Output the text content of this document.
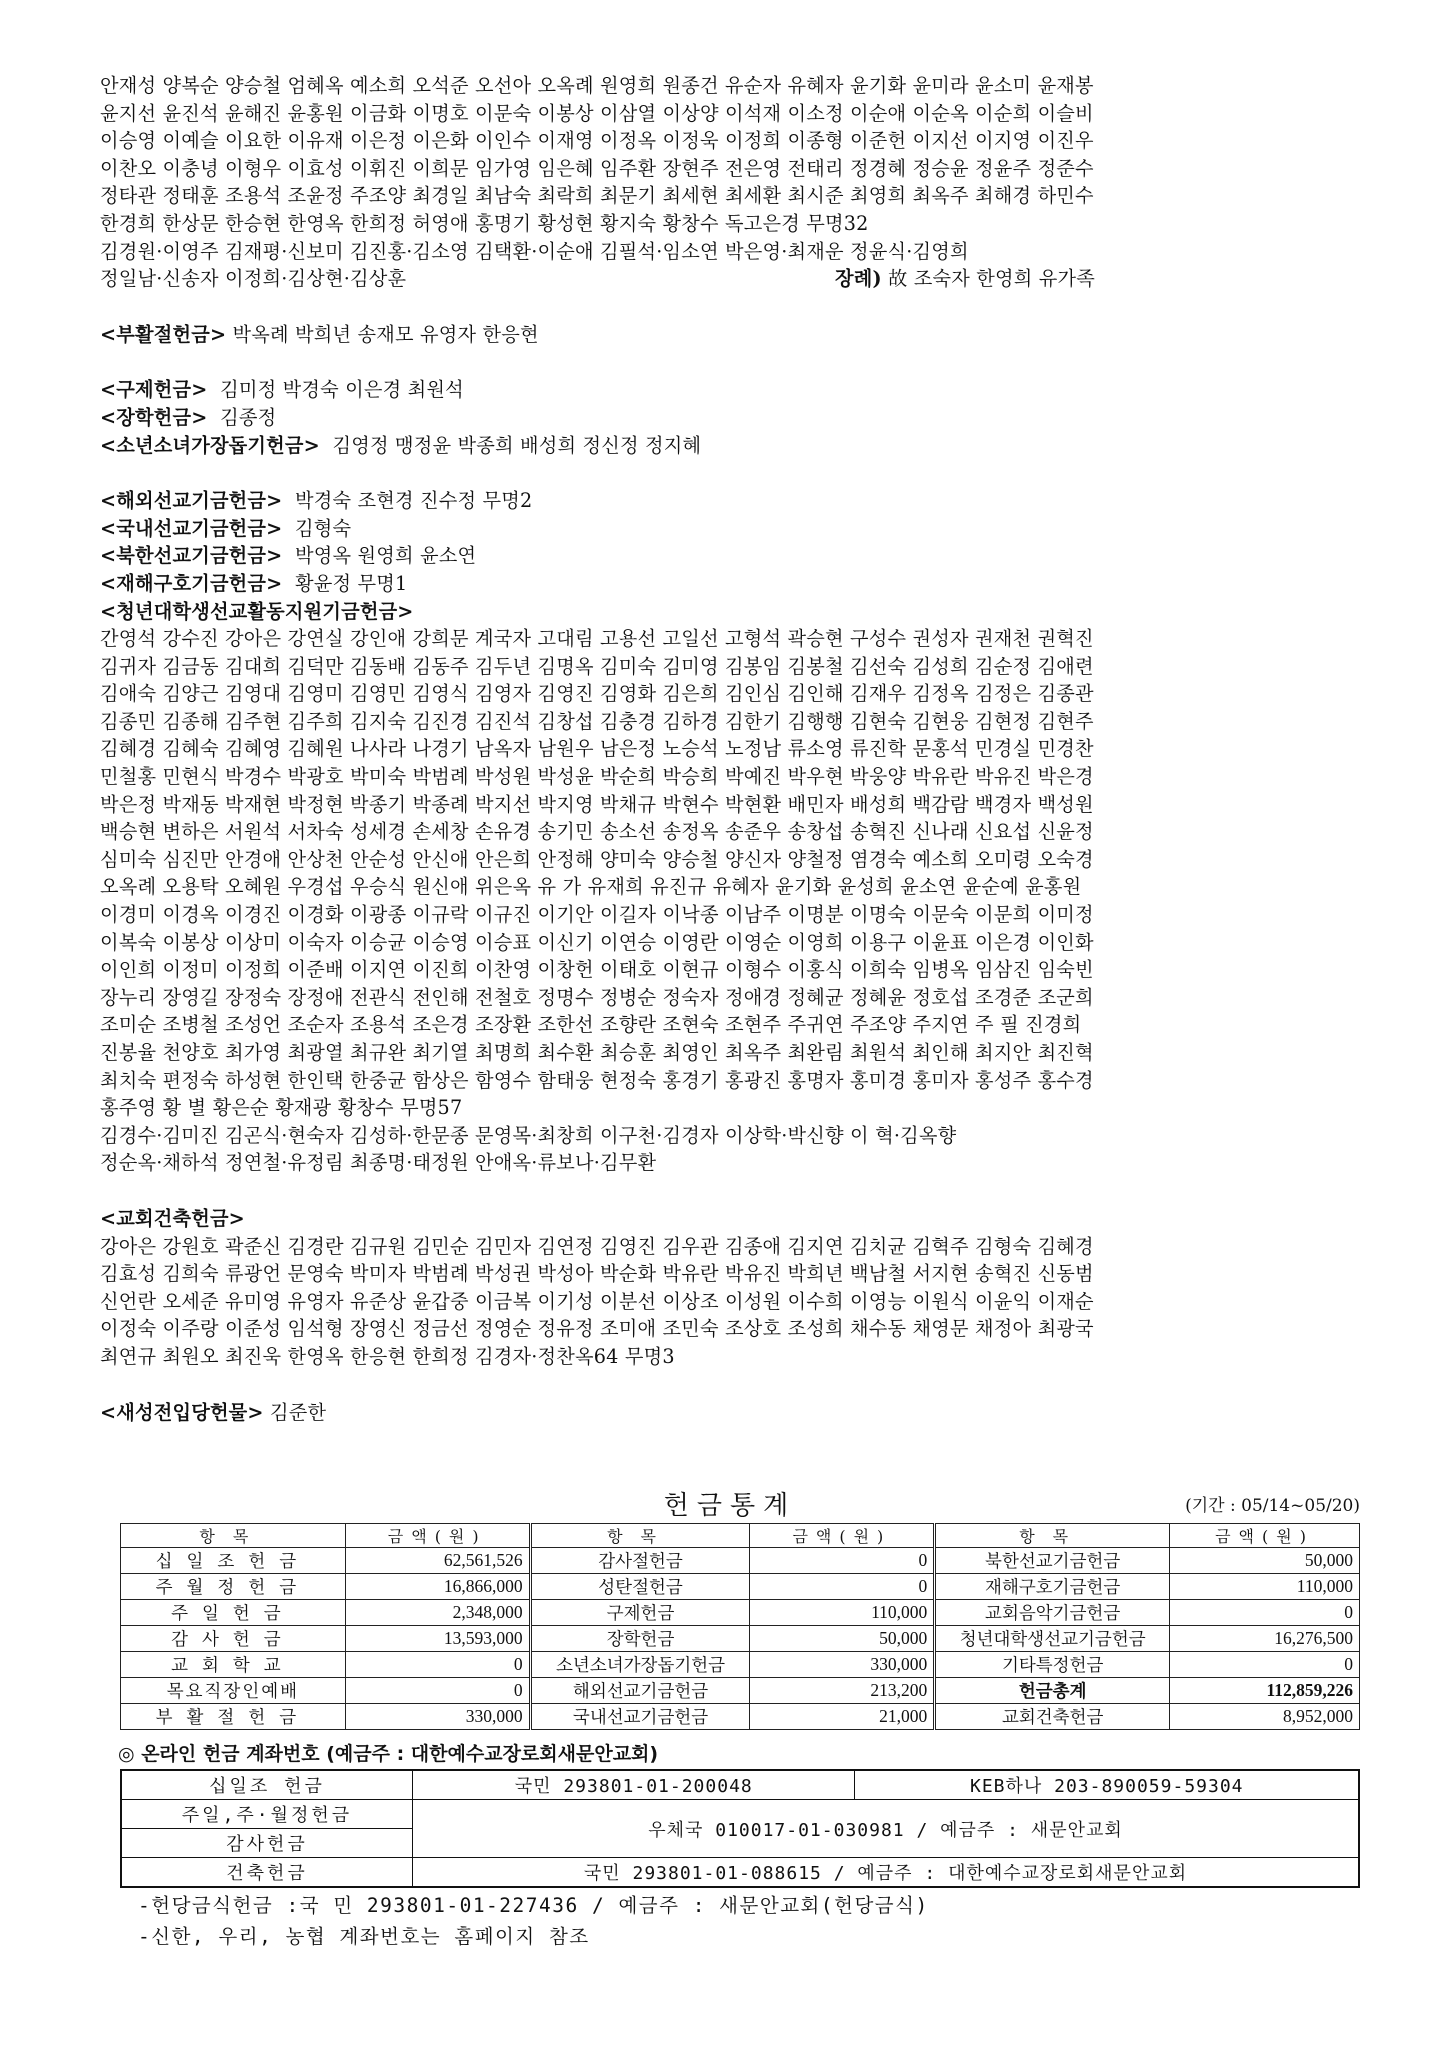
안재성 양복순 양승철 엄혜옥 예소희 오석준 오선아 오옥례 원영희 원종건 유순자 유혜자 윤기화 윤미라 윤소미 윤재봉
윤지선 윤진석 윤해진 윤홍원 이금화 이명호 이문숙 이봉상 이삼열 이상양 이석재 이소정 이순애 이순옥 이순희 이슬비
이승영 이예슬 이요한 이유재 이은정 이은화 이인수 이재영 이정옥 이정욱 이정희 이종형 이준헌 이지선 이지영 이진우
이찬오 이충녕 이형우 이효성 이휘진 이희문 임가영 임은혜 임주환 장현주 전은영 전태리 정경혜 정승윤 정윤주 정준수
정타관 정태훈 조용석 조윤정 주조양 최경일 최남숙 최락희 최문기 최세현 최세환 최시준 최영희 최옥주 최해경 하민수
한경희 한상문 한승현 한영옥 한희정 허영애 홍명기 황성현 황지숙 황창수 독고은경 무명32
김경원·이영주 김재평·신보미 김진홍·김소영 김택환·이순애 김필석·임소연 박은영·최재운 정윤식·김영희
정일남·신송자 이정희·김상현·김상훈	장례) 故 조숙자 한영희 유가족
<부활절헌금> 박옥례 박희년 송재모 유영자 한응현
<구제헌금>  김미정 박경숙 이은경 최원석
<장학헌금>  김종정
<소년소녀가장돕기헌금>  김영정 맹정윤 박종희 배성희 정신정 정지혜
<해외선교기금헌금>  박경숙 조현경 진수정 무명2
<국내선교기금헌금>  김형숙
<북한선교기금헌금>  박영옥 원영희 윤소연
<재해구호기금헌금>  황윤정 무명1
<청년대학생선교활동지원기금헌금>
간영석 강수진 강아은 강연실 강인애 강희문 계국자 고대림 고용선 고일선 고형석 곽승현 구성수 권성자 권재천 권혁진
김귀자 김금동 김대희 김덕만 김동배 김동주 김두년 김명옥 김미숙 김미영 김봉임 김봉철 김선숙 김성희 김순정 김애련
김애숙 김양근 김영대 김영미 김영민 김영식 김영자 김영진 김영화 김은희 김인심 김인해 김재우 김정옥 김정은 김종관
김종민 김종해 김주현 김주희 김지숙 김진경 김진석 김창섭 김충경 김하경 김한기 김행행 김현숙 김현웅 김현정 김현주
김혜경 김혜숙 김혜영 김혜원 나사라 나경기 남옥자 남원우 남은정 노승석 노정남 류소영 류진학 문홍석 민경실 민경찬
민철홍 민현식 박경수 박광호 박미숙 박범례 박성원 박성윤 박순희 박승희 박예진 박우현 박웅양 박유란 박유진 박은경
박은정 박재동 박재현 박정현 박종기 박종례 박지선 박지영 박채규 박현수 박현환 배민자 배성희 백감람 백경자 백성원
백승현 변하은 서원석 서차숙 성세경 손세창 손유경 송기민 송소선 송정옥 송준우 송창섭 송혁진 신나래 신요섭 신윤정
심미숙 심진만 안경애 안상천 안순성 안신애 안은희 안정해 양미숙 양승철 양신자 양철정 염경숙 예소희 오미령 오숙경
오옥례 오용탁 오혜원 우경섭 우승식 원신애 위은옥 유 가 유재희 유진규 유혜자 윤기화 윤성희 윤소연 윤순예 윤홍원
이경미 이경옥 이경진 이경화 이광종 이규락 이규진 이기안 이길자 이낙종 이남주 이명분 이명숙 이문숙 이문희 이미정
이복숙 이봉상 이상미 이숙자 이승균 이승영 이승표 이신기 이연승 이영란 이영순 이영희 이용구 이윤표 이은경 이인화
이인희 이정미 이정희 이준배 이지연 이진희 이찬영 이창헌 이태호 이현규 이형수 이홍식 이희숙 임병옥 임삼진 임숙빈
장누리 장영길 장정숙 장정애 전관식 전인해 전철호 정명수 정병순 정숙자 정애경 정혜균 정혜윤 정호섭 조경준 조군희
조미순 조병철 조성언 조순자 조용석 조은경 조장환 조한선 조향란 조현숙 조현주 주귀연 주조양 주지연 주 필 진경희
진봉율 천양호 최가영 최광열 최규완 최기열 최명희 최수환 최승훈 최영인 최옥주 최완림 최원석 최인해 최지안 최진혁
최치숙 편정숙 하성현 한인택 한중균 함상은 함영수 함태웅 현정숙 홍경기 홍광진 홍명자 홍미경 홍미자 홍성주 홍수경
홍주영 황 별 황은순 황재광 황창수 무명57
김경수·김미진 김곤식·현숙자 김성하·한문종 문영목·최창희 이구천·김경자 이상학·박신향 이 혁·김옥향
정순옥·채하석 정연철·유정림 최종명·태정원 안애옥·류보나·김무환
<교회건축헌금>
강아은 강원호 곽준신 김경란 김규원 김민순 김민자 김연정 김영진 김우관 김종애 김지연 김치균 김혁주 김형숙 김혜경
김효성 김희숙 류광언 문영숙 박미자 박범례 박성권 박성아 박순화 박유란 박유진 박희년 백남철 서지현 송혁진 신동범
신언란 오세준 유미영 유영자 유준상 윤갑중 이금복 이기성 이분선 이상조 이성원 이수희 이영능 이원식 이윤익 이재순
이정숙 이주랑 이준성 임석형 장영신 정금선 정영순 정유정 조미애 조민숙 조상호 조성희 채수동 채영문 채정아 최광국
최연규 최원오 최진욱 한영옥 한응현 한희정 김경자·정찬옥64 무명3
<새성전입당헌물> 김준한
헌금통계	(기간 : 05/14~05/20)
항목	금액(원)	항목	금액(원)	항목	금액(원)
십일조헌금	62,561,526	감사절헌금	0	북한선교기금헌금	50,000
주월정헌금	16,866,000	성탄절헌금	0	재해구호기금헌금	110,000
주일헌금	2,348,000	구제헌금	110,000	교회음악기금헌금	0
감사헌금	13,593,000	장학헌금	50,000	청년대학생선교기금헌금	16,276,500
교회학교	0	소년소녀가장돕기헌금	330,000	기타특정헌금	0
목요직장인예배	0	해외선교기금헌금	213,200	헌금총계	112,859,226
부활절헌금	330,000	국내선교기금헌금	21,000	교회건축헌금	8,952,000
◎ 온라인 헌금 계좌번호 (예금주 : 대한예수교장로회새문안교회)
십일조 헌금	국민 293801-01-200048	KEB하나 203-890059-59304
주일,주·월정헌금	우체국 010017-01-030981 / 예금주 : 새문안교회	
감사헌금		
건축헌금	국민 293801-01-088615 / 예금주 : 대한예수교장로회새문안교회	
-헌당금식헌금 :국 민 293801-01-227436 / 예금주 : 새문안교회(헌당금식)
-신한, 우리, 농협 계좌번호는 홈페이지 참조
